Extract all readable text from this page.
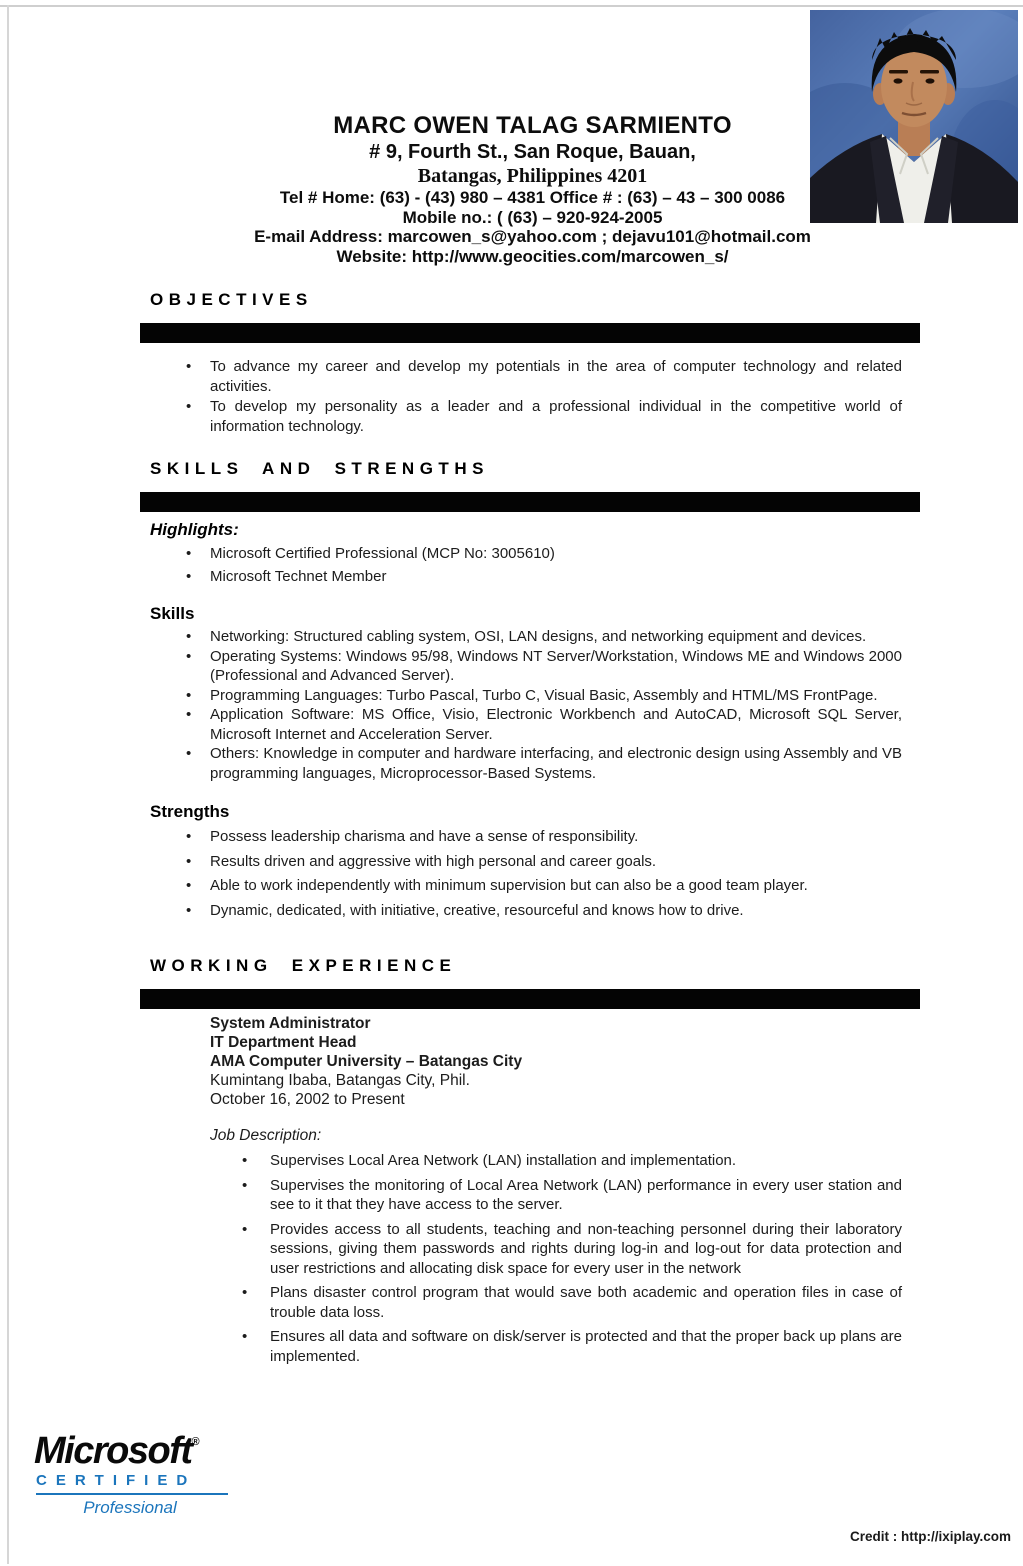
MARC OWEN TALAG SARMIENTO
# 9, Fourth St., San Roque, Bauan,
Batangas, Philippines 4201
Tel # Home: (63) - (43) 980 – 4381 Office # : (63) – 43 – 300 0086
Mobile no.: ( (63) – 920-924-2005
E-mail Address: marcowen_s@yahoo.com ; dejavu101@hotmail.com
Website: http://www.geocities.com/marcowen_s/
OBJECTIVES
• To advance my career and develop my potentials in the area of computer technology and related activities.
• To develop my personality as a leader and a professional individual in the competitive world of information technology.
SKILLS AND STRENGTHS
Highlights:
• Microsoft Certified Professional (MCP No: 3005610)
• Microsoft Technet Member
Skills
• Networking: Structured cabling system, OSI, LAN designs, and networking equipment and devices.
• Operating Systems: Windows 95/98, Windows NT Server/Workstation, Windows ME and Windows 2000 (Professional and Advanced Server).
• Programming Languages: Turbo Pascal, Turbo C, Visual Basic, Assembly and HTML/MS FrontPage.
• Application Software: MS Office, Visio, Electronic Workbench and AutoCAD, Microsoft SQL Server, Microsoft Internet and Acceleration Server.
• Others: Knowledge in computer and hardware interfacing, and electronic design using Assembly and VB programming languages, Microprocessor-Based Systems.
Strengths
• Possess leadership charisma and have a sense of responsibility.
• Results driven and aggressive with high personal and career goals.
• Able to work independently with minimum supervision but can also be a good team player.
• Dynamic, dedicated, with initiative, creative, resourceful and knows how to drive.
WORKING EXPERIENCE
System Administrator
IT Department Head
AMA Computer University – Batangas City
Kumintang Ibaba, Batangas City, Phil.
October 16, 2002 to Present
Job Description:
• Supervises Local Area Network (LAN) installation and implementation.
• Supervises the monitoring of Local Area Network (LAN) performance in every user station and see to it that they have access to the server.
• Provides access to all students, teaching and non-teaching personnel during their laboratory sessions, giving them passwords and rights during log-in and log-out for data protection and user restrictions and allocating disk space for every user in the network
• Plans disaster control program that would save both academic and operation files in case of trouble data loss.
• Ensures all data and software on disk/server is protected and that the proper back up plans are implemented.
Microsoft®
CERTIFIED
Professional
Credit : http://ixiplay.com
